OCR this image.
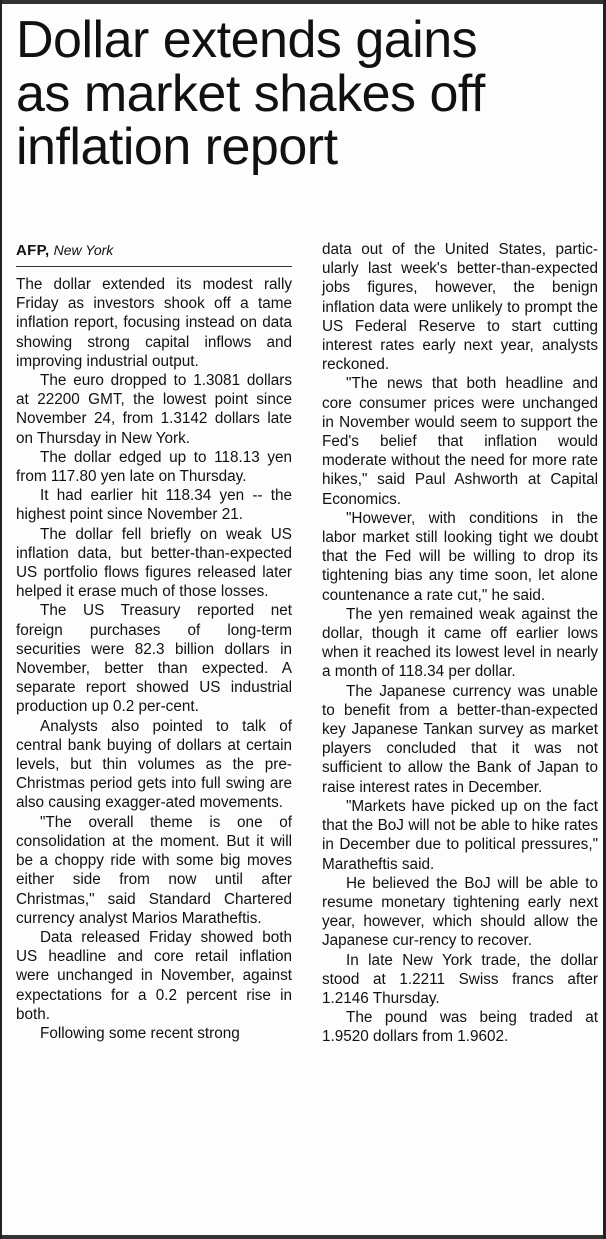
Dollar extends gains
as market shakes off
inflation report
AFP, New York

The dollar extended its modest rally Friday as investors shook off a tame inflation report, focusing instead on data showing strong capital inflows and improving industrial output.

The euro dropped to 1.3081 dollars at 22200 GMT, the lowest point since November 24, from 1.3142 dollars late on Thursday in New York.

The dollar edged up to 118.13 yen from 117.80 yen late on Thursday.

It had earlier hit 118.34 yen -- the highest point since November 21.

The dollar fell briefly on weak US inflation data, but better-than-expected US portfolio flows figures released later helped it erase much of those losses.

The US Treasury reported net foreign purchases of long-term securities were 82.3 billion dollars in November, better than expected. A separate report showed US industrial production up 0.2 per-cent.

Analysts also pointed to talk of central bank buying of dollars at certain levels, but thin volumes as the pre-Christmas period gets into full swing are also causing exagger-ated movements.

"The overall theme is one of consolidation at the moment. But it will be a choppy ride with some big moves either side from now until after Christmas," said Standard Chartered currency analyst Marios Maratheftis.

Data released Friday showed both US headline and core retail inflation were unchanged in November, against expectations for a 0.2 percent rise in both.

Following some recent strong

data out of the United States, partic-ularly last week's better-than-expected jobs figures, however, the benign inflation data were unlikely to prompt the US Federal Reserve to start cutting interest rates early next year, analysts reckoned.

"The news that both headline and core consumer prices were unchanged in November would seem to support the Fed's belief that inflation would moderate without the need for more rate hikes," said Paul Ashworth at Capital Economics.

"However, with conditions in the labor market still looking tight we doubt that the Fed will be willing to drop its tightening bias any time soon, let alone countenance a rate cut," he said.

The yen remained weak against the dollar, though it came off earlier lows when it reached its lowest level in nearly a month of 118.34 per dollar.

The Japanese currency was unable to benefit from a better-than-expected key Japanese Tankan survey as market players concluded that it was not sufficient to allow the Bank of Japan to raise interest rates in December.

"Markets have picked up on the fact that the BoJ will not be able to hike rates in December due to political pressures," Maratheftis said.

He believed the BoJ will be able to resume monetary tightening early next year, however, which should allow the Japanese cur-rency to recover.

In late New York trade, the dollar stood at 1.2211 Swiss francs after 1.2146 Thursday.

The pound was being traded at 1.9520 dollars from 1.9602.
